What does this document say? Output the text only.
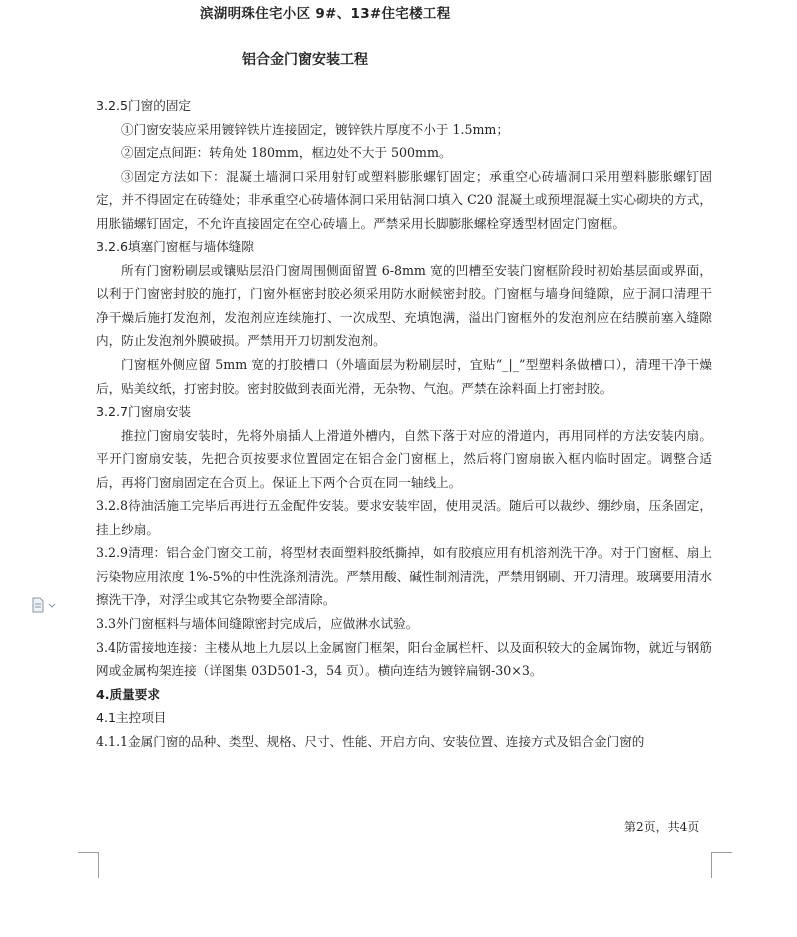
滨湖明珠住宅小区 9#、13#住宅楼工程
铝合金门窗安装工程

3.2.5门窗的固定

①门窗安装应采用镀锌铁片连接固定，镀锌铁片厚度不小于 1.5mm；

②固定点间距：转角处 180mm，框边处不大于 500mm。

③固定方法如下：混凝土墙洞口采用射钉或塑料膨胀螺钉固定；承重空心砖墙洞口采用塑料膨胀螺钉固定，并不得固定在砖缝处；非承重空心砖墙体洞口采用钻洞口填入 C20 混凝土或预埋混凝土实心砌块的方式，用胀锚螺钉固定，不允许直接固定在空心砖墙上。严禁采用长脚膨胀螺栓穿透型材固定门窗框。

3.2.6填塞门窗框与墙体缝隙

所有门窗粉刷层或镶贴层沿门窗周围侧面留置 6-8mm 宽的凹槽至安装门窗框阶段时初始基层面或界面，以利于门窗密封胶的施打，门窗外框密封胶必须采用防水耐候密封胶。门窗框与墙身间缝隙，应于洞口清理干净干燥后施打发泡剂，发泡剂应连续施打、一次成型、充填饱满，溢出门窗框外的发泡剂应在结膜前塞入缝隙内，防止发泡剂外膜破损。严禁用开刀切割发泡剂。

门窗框外侧应留 5mm 宽的打胶槽口（外墙面层为粉刷层时，宜贴“_|_”型塑料条做槽口），清理干净干燥后，贴美纹纸，打密封胶。密封胶做到表面光滑，无杂物、气泡。严禁在涂料面上打密封胶。

3.2.7门窗扇安装

推拉门窗扇安装时，先将外扇插人上滑道外槽内，自然下落于对应的滑道内，再用同样的方法安装内扇。平开门窗扇安装，先把合页按要求位置固定在铝合金门窗框上，然后将门窗扇嵌入框内临时固定。调整合适后，再将门窗扇固定在合页上。保证上下两个合页在同一轴线上。

3.2.8待油活施工完毕后再进行五金配件安装。要求安装牢固，使用灵活。随后可以裁纱、绷纱扇，压条固定，挂上纱扇。

3.2.9清理：铝合金门窗交工前，将型材表面塑料胶纸撕掉，如有胶痕应用有机溶剂洗干净。对于门窗框、扇上污染物应用浓度 1%-5%的中性洗涤剂清洗。严禁用酸、碱性制剂清洗，严禁用钢刷、开刀清理。玻璃要用清水擦洗干净，对浮尘或其它杂物要全部清除。

3.3外门窗框料与墙体间缝隙密封完成后，应做淋水试验。

3.4防雷接地连接：主楼从地上九层以上金属窗门框架，阳台金属栏杆、以及面积较大的金属饰物，就近与钢筋网或金属构架连接（详图集 03D501-3，54 页）。横向连结为镀锌扁钢-30×3。

4.质量要求

4.1主控项目

4.1.1金属门窗的品种、类型、规格、尺寸、性能、开启方向、安装位置、连接方式及铝合金门窗的

第2页，共4页
